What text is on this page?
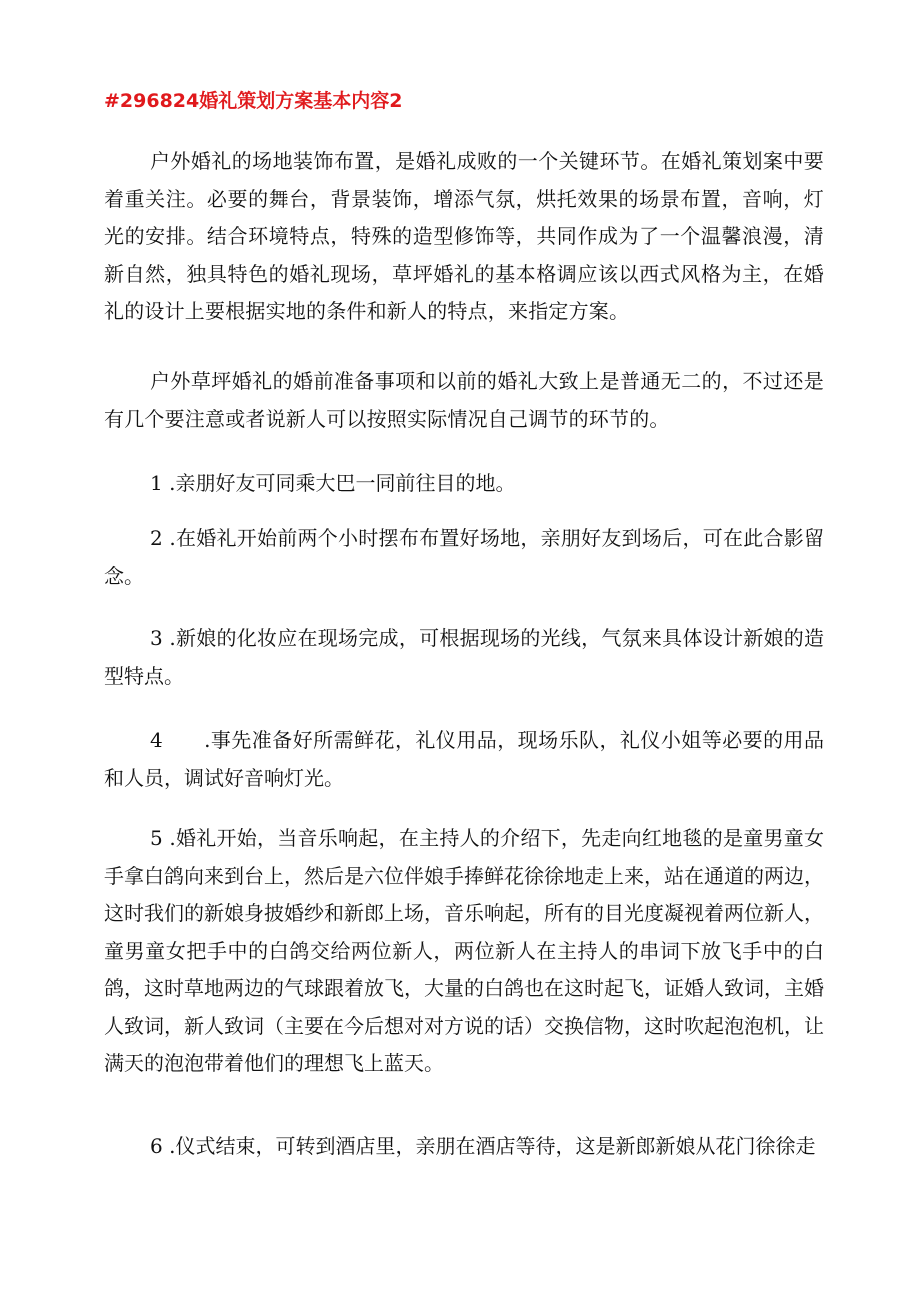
#296824婚礼策划方案基本内容2

户外婚礼的场地装饰布置，是婚礼成败的一个关键环节。在婚礼策划案中要着重关注。必要的舞台，背景装饰，增添气氛，烘托效果的场景布置，音响，灯光的安排。结合环境特点，特殊的造型修饰等，共同作成为了一个温馨浪漫，清新自然，独具特色的婚礼现场，草坪婚礼的基本格调应该以西式风格为主，在婚礼的设计上要根据实地的条件和新人的特点，来指定方案。

户外草坪婚礼的婚前准备事项和以前的婚礼大致上是普通无二的，不过还是有几个要注意或者说新人可以按照实际情况自己调节的环节的。

1 .亲朋好友可同乘大巴一同前往目的地。

2 .在婚礼开始前两个小时摆布布置好场地，亲朋好友到场后，可在此合影留念。

3 .新娘的化妆应在现场完成，可根据现场的光线，气氛来具体设计新娘的造型特点。

4　　.事先准备好所需鲜花，礼仪用品，现场乐队，礼仪小姐等必要的用品和人员，调试好音响灯光。

5 .婚礼开始，当音乐响起，在主持人的介绍下，先走向红地毯的是童男童女手拿白鸽向来到台上，然后是六位伴娘手捧鲜花徐徐地走上来，站在通道的两边，这时我们的新娘身披婚纱和新郎上场，音乐响起，所有的目光度凝视着两位新人，童男童女把手中的白鸽交给两位新人，两位新人在主持人的串词下放飞手中的白鸽，这时草地两边的气球跟着放飞，大量的白鸽也在这时起飞，证婚人致词，主婚人致词，新人致词（主要在今后想对对方说的话）交换信物，这时吹起泡泡机，让满天的泡泡带着他们的理想飞上蓝天。

6 .仪式结束，可转到酒店里，亲朋在酒店等待，这是新郎新娘从花门徐徐走
